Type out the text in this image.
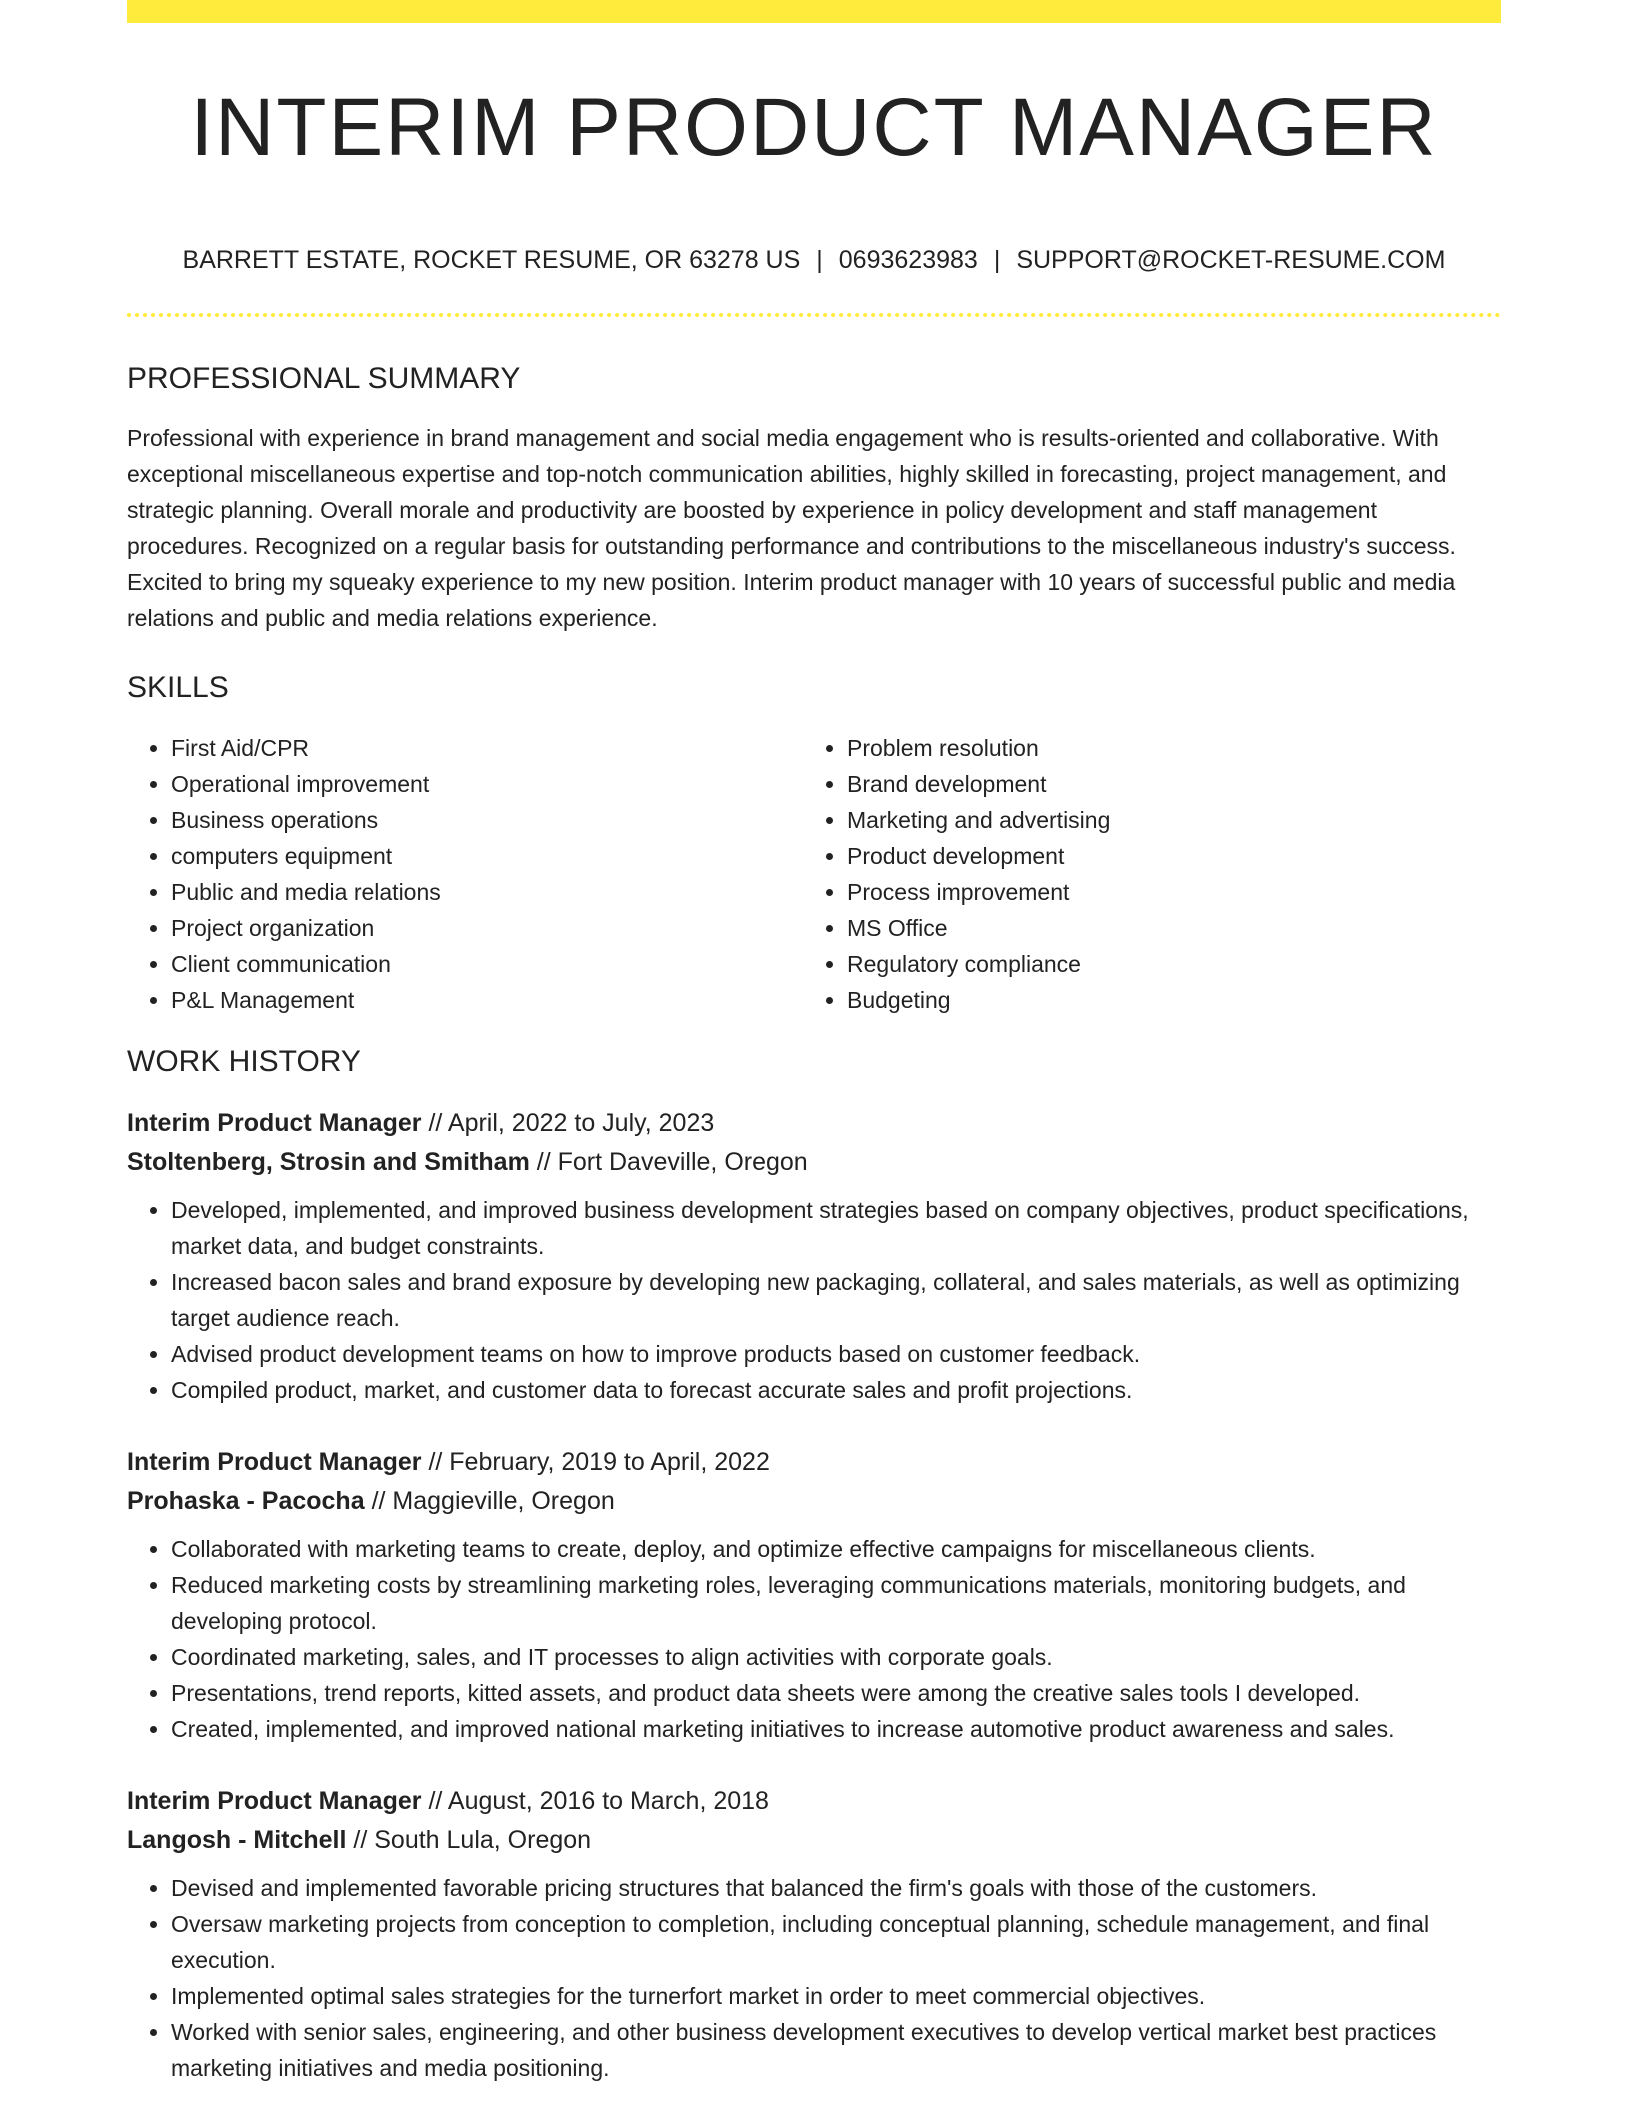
INTERIM PRODUCT MANAGER
BARRETT ESTATE, ROCKET RESUME, OR 63278 US | 0693623983 | SUPPORT@ROCKET-RESUME.COM
PROFESSIONAL SUMMARY
Professional with experience in brand management and social media engagement who is results-oriented and collaborative. With exceptional miscellaneous expertise and top-notch communication abilities, highly skilled in forecasting, project management, and strategic planning. Overall morale and productivity are boosted by experience in policy development and staff management procedures. Recognized on a regular basis for outstanding performance and contributions to the miscellaneous industry's success. Excited to bring my squeaky experience to my new position. Interim product manager with 10 years of successful public and media relations and public and media relations experience.
SKILLS
• First Aid/CPR
• Operational improvement
• Business operations
• computers equipment
• Public and media relations
• Project organization
• Client communication
• P&L Management
• Problem resolution
• Brand development
• Marketing and advertising
• Product development
• Process improvement
• MS Office
• Regulatory compliance
• Budgeting
WORK HISTORY
Interim Product Manager // April, 2022 to July, 2023
Stoltenberg, Strosin and Smitham // Fort Daveville, Oregon
• Developed, implemented, and improved business development strategies based on company objectives, product specifications, market data, and budget constraints.
• Increased bacon sales and brand exposure by developing new packaging, collateral, and sales materials, as well as optimizing target audience reach.
• Advised product development teams on how to improve products based on customer feedback.
• Compiled product, market, and customer data to forecast accurate sales and profit projections.
Interim Product Manager // February, 2019 to April, 2022
Prohaska - Pacocha // Maggieville, Oregon
• Collaborated with marketing teams to create, deploy, and optimize effective campaigns for miscellaneous clients.
• Reduced marketing costs by streamlining marketing roles, leveraging communications materials, monitoring budgets, and developing protocol.
• Coordinated marketing, sales, and IT processes to align activities with corporate goals.
• Presentations, trend reports, kitted assets, and product data sheets were among the creative sales tools I developed.
• Created, implemented, and improved national marketing initiatives to increase automotive product awareness and sales.
Interim Product Manager // August, 2016 to March, 2018
Langosh - Mitchell // South Lula, Oregon
• Devised and implemented favorable pricing structures that balanced the firm's goals with those of the customers.
• Oversaw marketing projects from conception to completion, including conceptual planning, schedule management, and final execution.
• Implemented optimal sales strategies for the turnerfort market in order to meet commercial objectives.
• Worked with senior sales, engineering, and other business development executives to develop vertical market best practices marketing initiatives and media positioning.
